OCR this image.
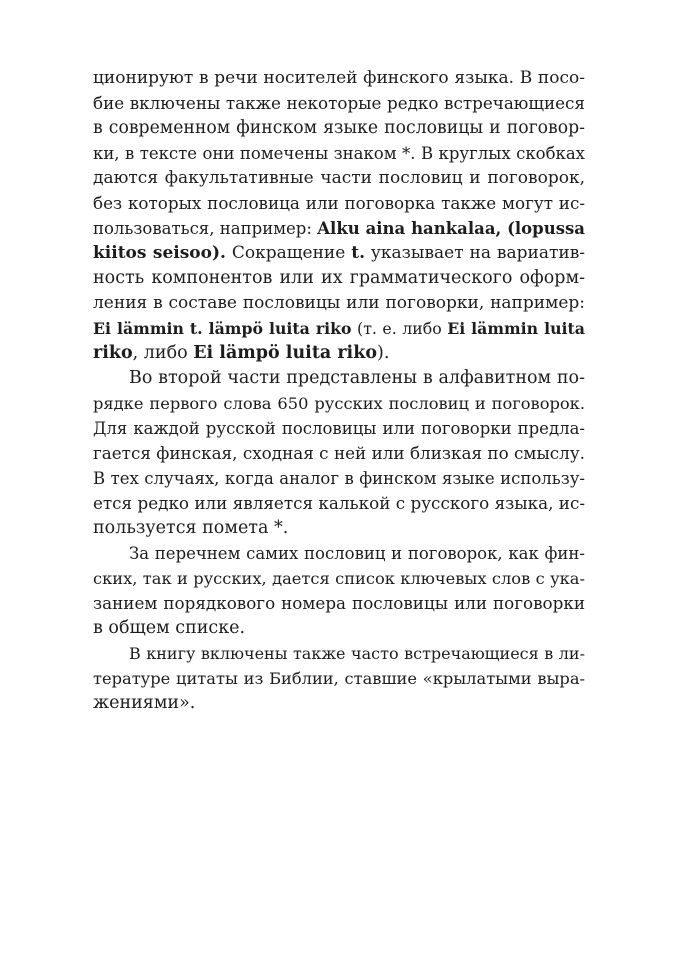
ционируют в речи носителей финского языка. В посо-
бие включены также некоторые редко встречающиеся
в современном финском языке пословицы и поговор-
ки, в тексте они помечены знаком *. В круглых скобках
даются факультативные части пословиц и поговорок,
без которых пословица или поговорка также могут ис-
пользоваться, например: Alku aina hankalaa, (lopussa
kiitos seisoo). Сокращение t. указывает на вариатив-
ность компонентов или их грамматического оформ-
ления в составе пословицы или поговорки, например:
Ei lämmin t. lämpö luita riko (т. е. либо Ei lämmin luita
riko, либо Ei lämpö luita riko).
Во второй части представлены в алфавитном по-
рядке первого слова 650 русских пословиц и поговорок.
Для каждой русской пословицы или поговорки предла-
гается финская, сходная с ней или близкая по смыслу.
В тех случаях, когда аналог в финском языке использу-
ется редко или является калькой с русского языка, ис-
пользуется помета *.
За перечнем самих пословиц и поговорок, как фин-
ских, так и русских, дается список ключевых слов с ука-
занием порядкового номера пословицы или поговорки
в общем списке.
В книгу включены также часто встречающиеся в ли-
тературе цитаты из Библии, ставшие «крылатыми выра-
жениями».
